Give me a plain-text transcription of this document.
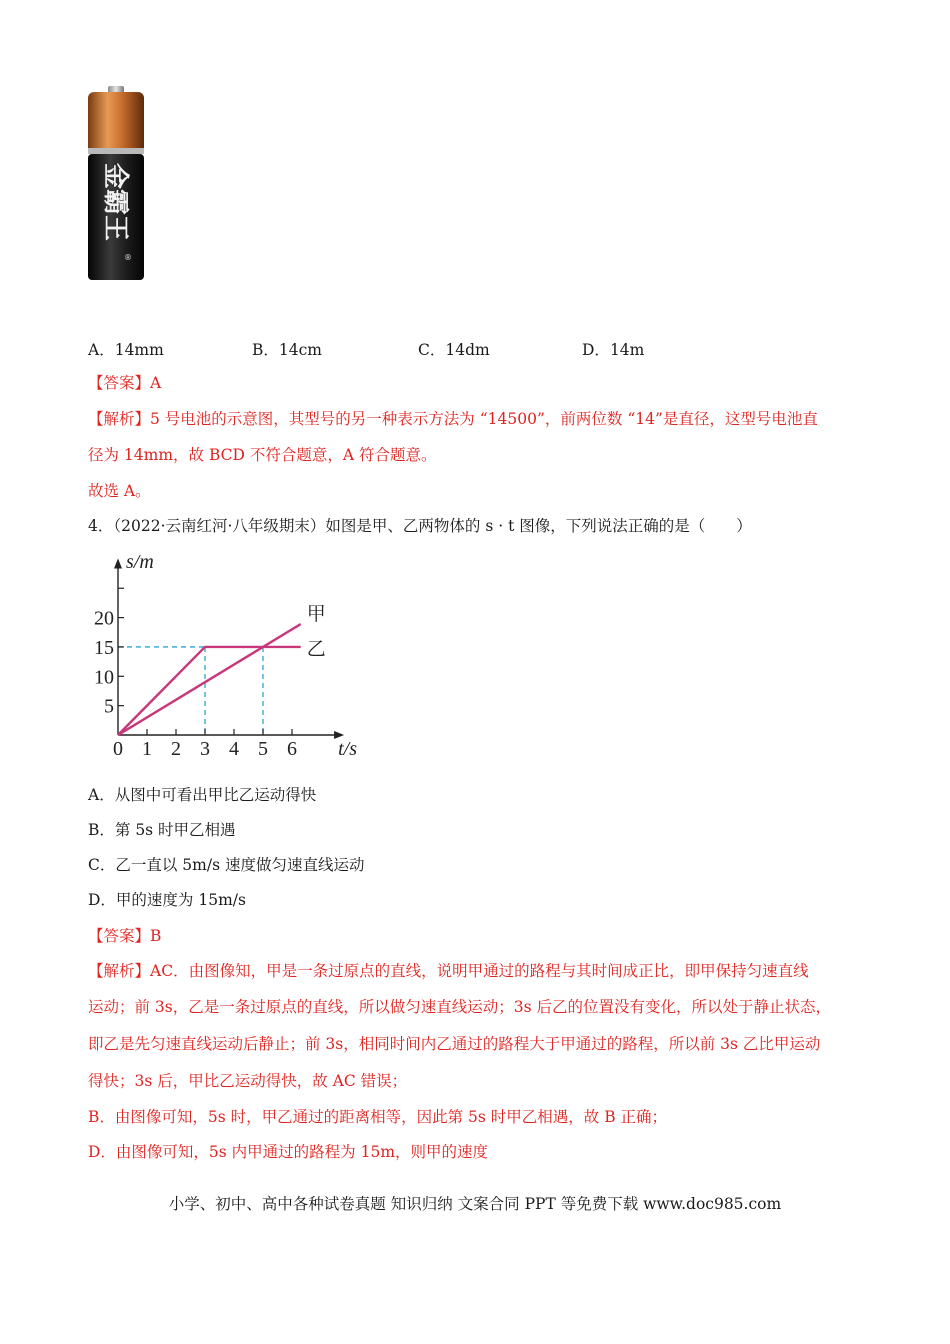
金霸王
®
A．14mm	B．14cm	C．14dm	D．14m
【答案】A
【解析】5 号电池的示意图，其型号的另一种表示方法为 “14500”，前两位数 “14”是直径，这型号电池直
径为 14mm，故 BCD 不符合题意，A 符合题意。
故选 A。
4．（2022·云南红河·八年级期末）如图是甲、乙两物体的 s · t 图像，下列说法正确的是（　　）
0 1 2 3 4 5 6
5
10
15
20
s/m
t/s
甲
乙
A．从图中可看出甲比乙运动得快
B．第 5s 时甲乙相遇
C．乙一直以 5m/s 速度做匀速直线运动
D．甲的速度为 15m/s
【答案】B
【解析】AC．由图像知，甲是一条过原点的直线，说明甲通过的路程与其时间成正比，即甲保持匀速直线
运动；前 3s，乙是一条过原点的直线，所以做匀速直线运动；3s 后乙的位置没有变化，所以处于静止状态，
即乙是先匀速直线运动后静止；前 3s，相同时间内乙通过的路程大于甲通过的路程，所以前 3s 乙比甲运动
得快；3s 后，甲比乙运动得快，故 AC 错误；
B．由图像可知，5s 时，甲乙通过的距离相等，因此第 5s 时甲乙相遇，故 B 正确；
D．由图像可知，5s 内甲通过的路程为 15m，则甲的速度
小学、初中、高中各种试卷真题 知识归纳 文案合同 PPT 等免费下载 www.doc985.com
